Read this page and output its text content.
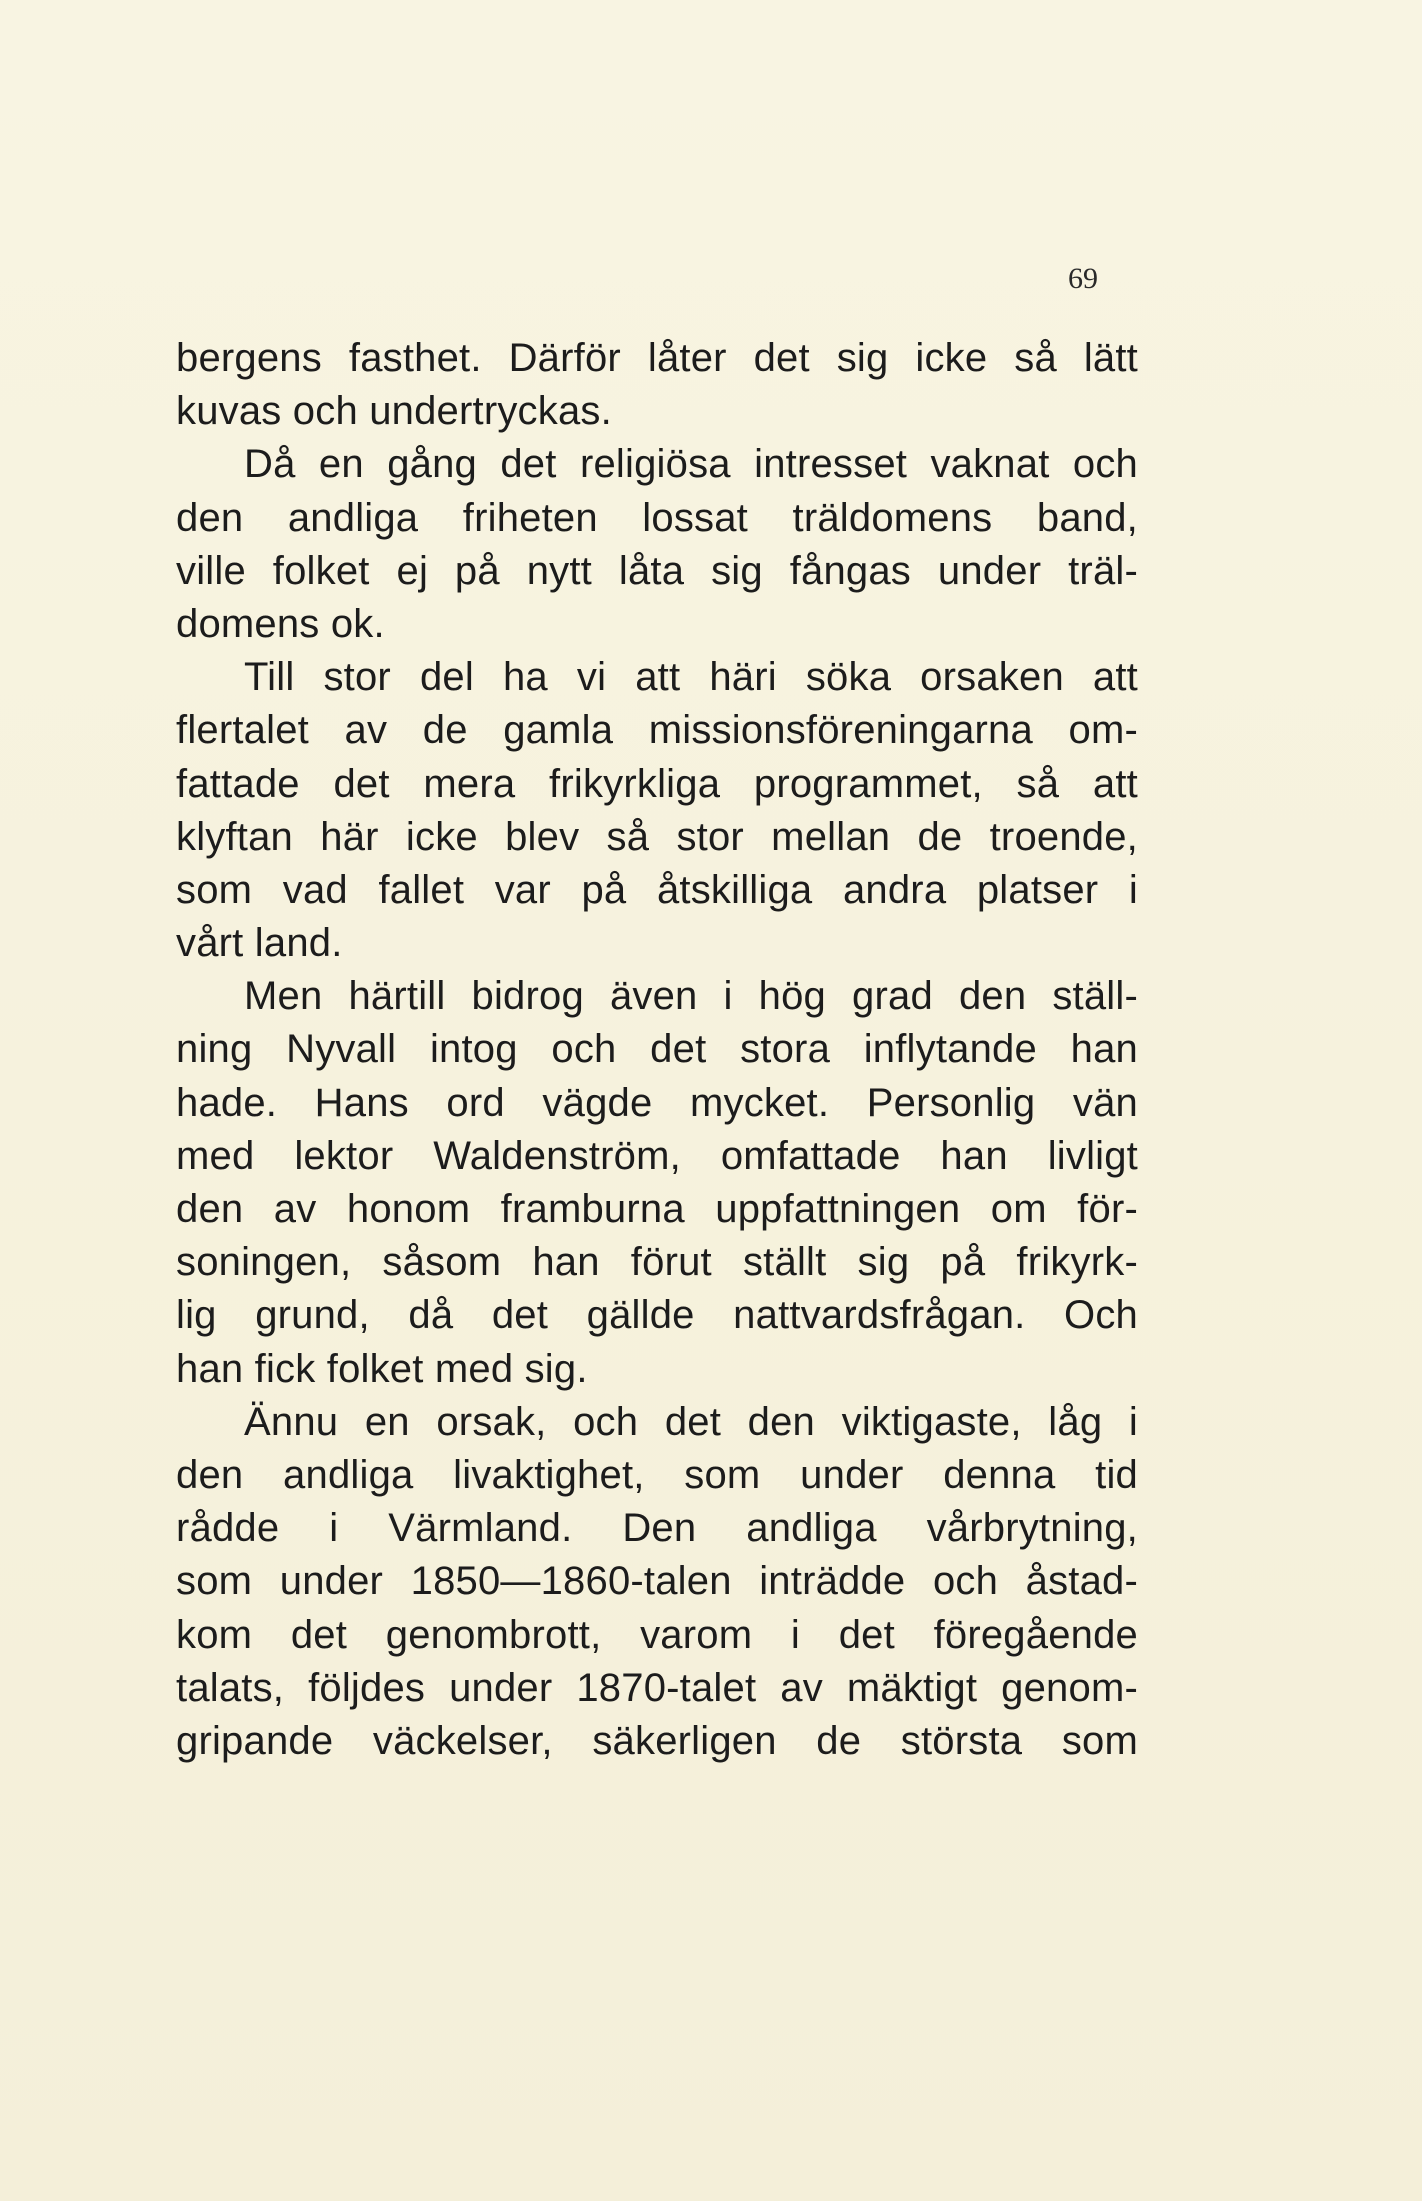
69

bergens fasthet. Därför låter det sig icke så lätt
kuvas och undertryckas.
Då en gång det religiösa intresset vaknat och
den andliga friheten lossat träldomens band,
ville folket ej på nytt låta sig fångas under träl-
domens ok.
Till stor del ha vi att häri söka orsaken att
flertalet av de gamla missionsföreningarna om-
fattade det mera frikyrkliga programmet, så att
klyftan här icke blev så stor mellan de troende,
som vad fallet var på åtskilliga andra platser i
vårt land.
Men härtill bidrog även i hög grad den ställ-
ning Nyvall intog och det stora inflytande han
hade. Hans ord vägde mycket. Personlig vän
med lektor Waldenström, omfattade han livligt
den av honom framburna uppfattningen om för-
soningen, såsom han förut ställt sig på frikyrk-
lig grund, då det gällde nattvardsfrågan. Och
han fick folket med sig.
Ännu en orsak, och det den viktigaste, låg i
den andliga livaktighet, som under denna tid
rådde i Värmland. Den andliga vårbrytning,
som under 1850—1860-talen inträdde och åstad-
kom det genombrott, varom i det föregående
talats, följdes under 1870-talet av mäktigt genom-
gripande väckelser, säkerligen de största som
